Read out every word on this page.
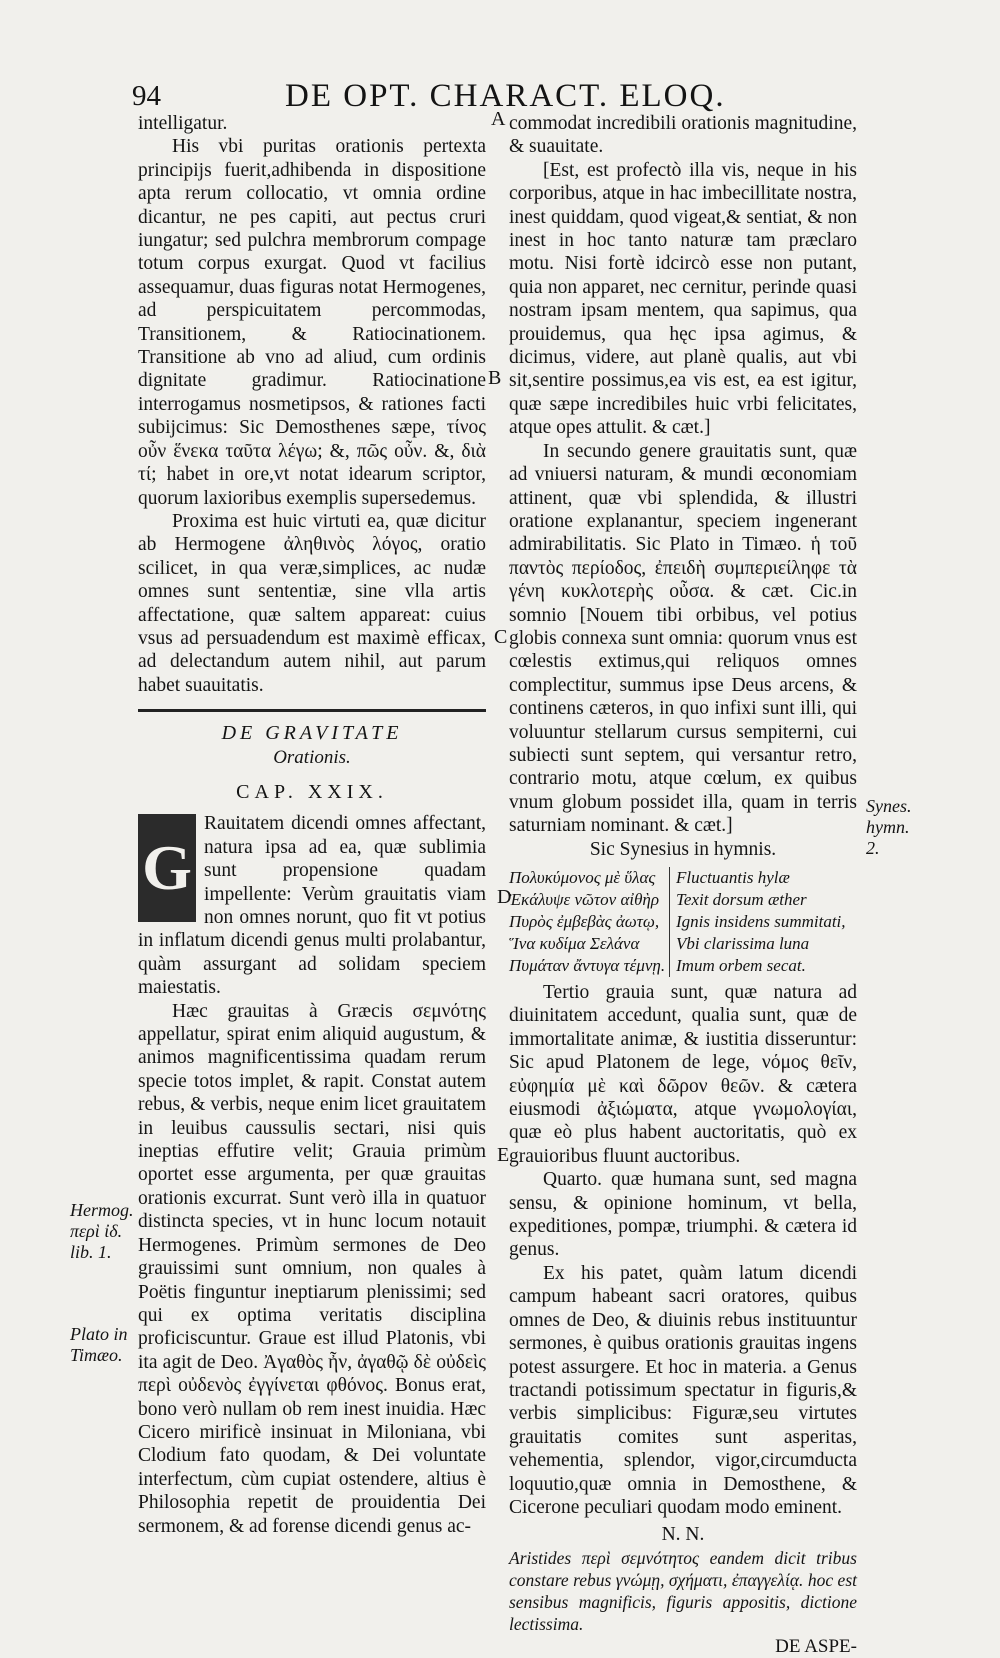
94	DE OPT. CHARACT. ELOQ.
A
B
C
D
E
Hermog. περὶ ἰδ. lib. 1.
Plato in Timæo.
Synes. hymn. 2.

intelligatur.

His vbi puritas orationis pertexta principijs fuerit,adhibenda in dispositione apta rerum collocatio, vt omnia ordine dicantur, ne pes capiti, aut pectus cruri iungatur; sed pulchra membrorum compage totum corpus exurgat. Quod vt facilius assequamur, duas figuras notat Hermogenes, ad perspicuitatem percommodas, Transitionem, & Ratiocinationem. Transitione ab vno ad aliud, cum ordinis dignitate gradimur. Ratiocinatione interrogamus nosmetipsos, & rationes facti subijcimus: Sic Demosthenes sæpe, τίνος οὖν ἕνεκα ταῦτα λέγω; &, πῶς οὖν. &, διὰ τί; habet in ore,vt notat idearum scriptor, quorum laxioribus exemplis supersedemus.

Proxima est huic virtuti ea, quæ dicitur ab Hermogene ἀληθινὸς λόγος, oratio scilicet, in qua veræ,simplices, ac nudæ omnes sunt sententiæ, sine vlla artis affectatione, quæ saltem appareat: cuius vsus ad persuadendum est maximè efficax, ad delectandum autem nihil, aut parum habet suauitatis.

DE GRAVITATE
Orationis.
CAP. XXIX.
G

Rauitatem dicendi omnes affectant, natura ipsa ad ea, quæ sublimia sunt propensione quadam impellente: Verùm grauitatis viam non omnes norunt, quo fit vt potius in inflatum dicendi genus multi prolabantur, quàm assurgant ad solidam speciem maiestatis.

Hæc grauitas à Græcis σεμνότης appellatur, spirat enim aliquid augustum, & animos magnificentissima quadam rerum specie totos implet, & rapit. Constat autem rebus, & verbis, neque enim licet grauitatem in leuibus caussulis sectari, nisi quis ineptias effutire velit; Grauia primùm oportet esse argumenta, per quæ grauitas orationis excurrat. Sunt verò illa in quatuor distincta species, vt in hunc locum notauit Hermogenes. Primùm sermones de Deo grauissimi sunt omnium, non quales à Poëtis finguntur ineptiarum plenissimi; sed qui ex optima veritatis disciplina proficiscuntur. Graue est illud Platonis, vbi ita agit de Deo. Ἀγαθὸς ἦν, ἀγαθῷ δὲ οὐδεὶς περὶ οὐδενὸς ἐγγίνεται φθόνος. Bonus erat, bono verò nullam ob rem inest inuidia. Hæc Cicero mirificè insinuat in Miloniana, vbi Clodium fato quodam, & Dei voluntate interfectum, cùm cupiat ostendere, altius è Philosophia repetit de prouidentia Dei sermonem, & ad forense dicendi genus ac-

commodat incredibili orationis magnitudine, & suauitate.

[Est, est profectò illa vis, neque in his corporibus, atque in hac imbecillitate nostra, inest quiddam, quod vigeat,& sentiat, & non inest in hoc tanto naturæ tam præclaro motu. Nisi fortè idcircò esse non putant, quia non apparet, nec cernitur, perinde quasi nostram ipsam mentem, qua sapimus, qua prouidemus, qua hęc ipsa agimus, & dicimus, videre, aut planè qualis, aut vbi sit,sentire possimus,ea vis est, ea est igitur, quæ sæpe incredibiles huic vrbi felicitates, atque opes attulit. & cæt.]

In secundo genere grauitatis sunt, quæ ad vniuersi naturam, & mundi œconomiam attinent, quæ vbi splendida, & illustri oratione explanantur, speciem ingenerant admirabilitatis. Sic Plato in Timæo. ἡ τοῦ παντὸς περίοδος, ἐπειδὴ συμπεριείληφε τὰ γένη κυκλοτερὴς οὖσα. & cæt. Cic.in somnio [Nouem tibi orbibus, vel potius globis connexa sunt omnia: quorum vnus est cœlestis extimus,qui reliquos omnes complectitur, summus ipse Deus arcens, & continens cæteros, in quo infixi sunt illi, qui voluuntur stellarum cursus sempiterni, cui subiecti sunt septem, qui versantur retro, contrario motu, atque cœlum, ex quibus vnum globum possidet illa, quam in terris saturniam nominant. & cæt.]

Sic Synesius in hymnis.

Πολυκύμονος μὲ ὕλας
Ἐκάλυψε νῶτον αἰθὴρ
Πυρὸς ἐμβεβὰς ἀωτῳ,
Ἵνα κυδίμα Σελάνα
Πυμάταν ἄντυγα τέμνῃ.
Fluctuantis hylæ
Texit dorsum æther
Ignis insidens summitati,
Vbi clarissima luna
Imum orbem secat.

Tertio grauia sunt, quæ natura ad diuinitatem accedunt, qualia sunt, quæ de immortalitate animæ, & iustitia disseruntur: Sic apud Platonem de lege, νόμος θεῖν, εὐφημία μὲ καὶ δῶρον θεῶν. & cætera eiusmodi ἀξιώματα, atque γνωμολογίαι, quæ eò plus habent auctoritatis, quò ex grauioribus fluunt auctoribus.

Quarto. quæ humana sunt, sed magna sensu, & opinione hominum, vt bella, expeditiones, pompæ, triumphi. & cætera id genus.

Ex his patet, quàm latum dicendi campum habeant sacri oratores, quibus omnes de Deo, & diuinis rebus instituuntur sermones, è quibus orationis grauitas ingens potest assurgere. Et hoc in materia. a Genus tractandi potissimum spectatur in figuris,& verbis simplicibus: Figuræ,seu virtutes grauitatis comites sunt asperitas, vehementia, splendor, vigor,circumducta loquutio,quæ omnia in Demosthene, & Cicerone peculiari quodam modo eminent.

N. N.

Aristides περὶ σεμνότητος eandem dicit tribus constare rebus γνώμῃ, σχήματι, ἐπαγγελίᾳ. hoc est sensibus magnificis, figuris appositis, dictione lectissima.

DE ASPE-
